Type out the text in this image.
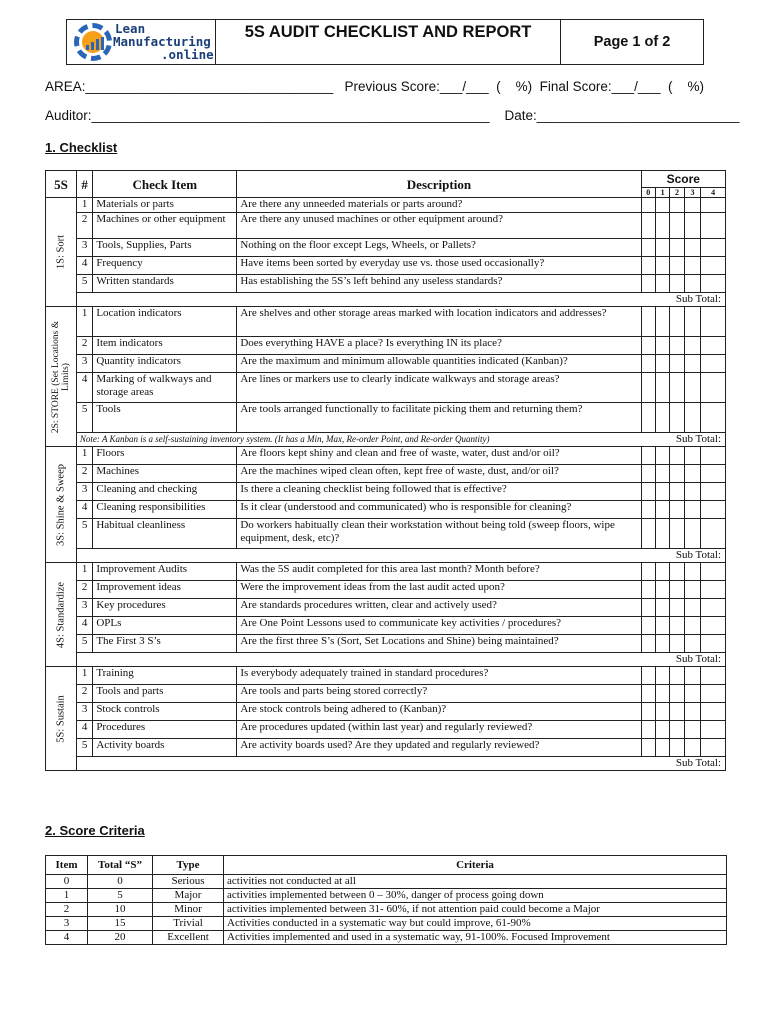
Lean
Manufacturing
.online
5S AUDIT CHECKLIST AND REPORT
Page 1 of 2
AREA:_________________________________   Previous Score:___/___  (    %)  Final Score:___/___  (    %)
Auditor:_____________________________________________________    Date:___________________________
1. Checklist
5S	#	Check Item	Description	Score				
				0	1	2	3	4

1S: Sort	1	Materials or parts	Are there any unneeded materials or parts around?					
	2	Machines or other equipment	Are there any unused machines or other equipment around?					
	3	Tools, Supplies, Parts	Nothing on the floor except Legs, Wheels, or Pallets?					
	4	Frequency	Have items been sorted by everyday use vs. those used occasionally?					
	5	Written standards	Has establishing the 5S’s left behind any useless standards?					
	Sub Total:							

2S: STORE (Set Locations & Limits)	1	Location indicators	Are shelves and other storage areas marked with location indicators and addresses?					
	2	Item indicators	Does everything HAVE a place? Is everything IN its place?					
	3	Quantity indicators	Are the maximum and minimum allowable quantities indicated (Kanban)?					
	4	Marking of walkways and storage areas	Are lines or markers use to clearly indicate walkways and storage areas?					
	5	Tools	Are tools arranged functionally to facilitate picking them and returning them?					
	Note: A Kanban is a self-sustaining inventory system. (It has a Min, Max, Re-order Point, and Re-order Quantity)			Sub Total:				

3S: Shine & Sweep	1	Floors	Are floors kept shiny and clean and free of waste, water, dust and/or oil?					
	2	Machines	Are the machines wiped clean often, kept free of waste, dust, and/or oil?					
	3	Cleaning and checking	Is there a cleaning checklist being followed that is effective?					
	4	Cleaning responsibilities	Is it clear (understood and communicated) who is responsible for cleaning?					
	5	Habitual cleanliness	Do workers habitually clean their workstation without being told (sweep floors, wipe equipment, desk, etc)?					
	Sub Total:							

4S: Standardize	1	Improvement Audits	Was the 5S audit completed for this area last month? Month before?					
	2	Improvement ideas	Were the improvement ideas from the last audit acted upon?					
	3	Key procedures	Are standards procedures written, clear and actively used?					
	4	OPLs	Are One Point Lessons used to communicate key activities / procedures?					
	5	The First 3 S’s	Are the first three S’s (Sort, Set Locations and Shine) being maintained?					
	Sub Total:							

5S: Sustain	1	Training	Is everybody adequately trained in standard procedures?					
	2	Tools and parts	Are tools and parts being stored correctly?					
	3	Stock controls	Are stock controls being adhered to (Kanban)?					
	4	Procedures	Are procedures updated (within last year) and regularly reviewed?					
	5	Activity boards	Are activity boards used? Are they updated and regularly reviewed?					
	Sub Total:							
2. Score Criteria
Item	Total “S”	Type	Criteria
0	0	Serious	activities not conducted at all
1	5	Major	activities implemented between 0 – 30%, danger of process going down
2	10	Minor	activities implemented between 31- 60%, if not attention paid could become a Major
3	15	Trivial	Activities conducted in a systematic way but could improve, 61-90%
4	20	Excellent	Activities implemented and used in a systematic way, 91-100%. Focused Improvement
